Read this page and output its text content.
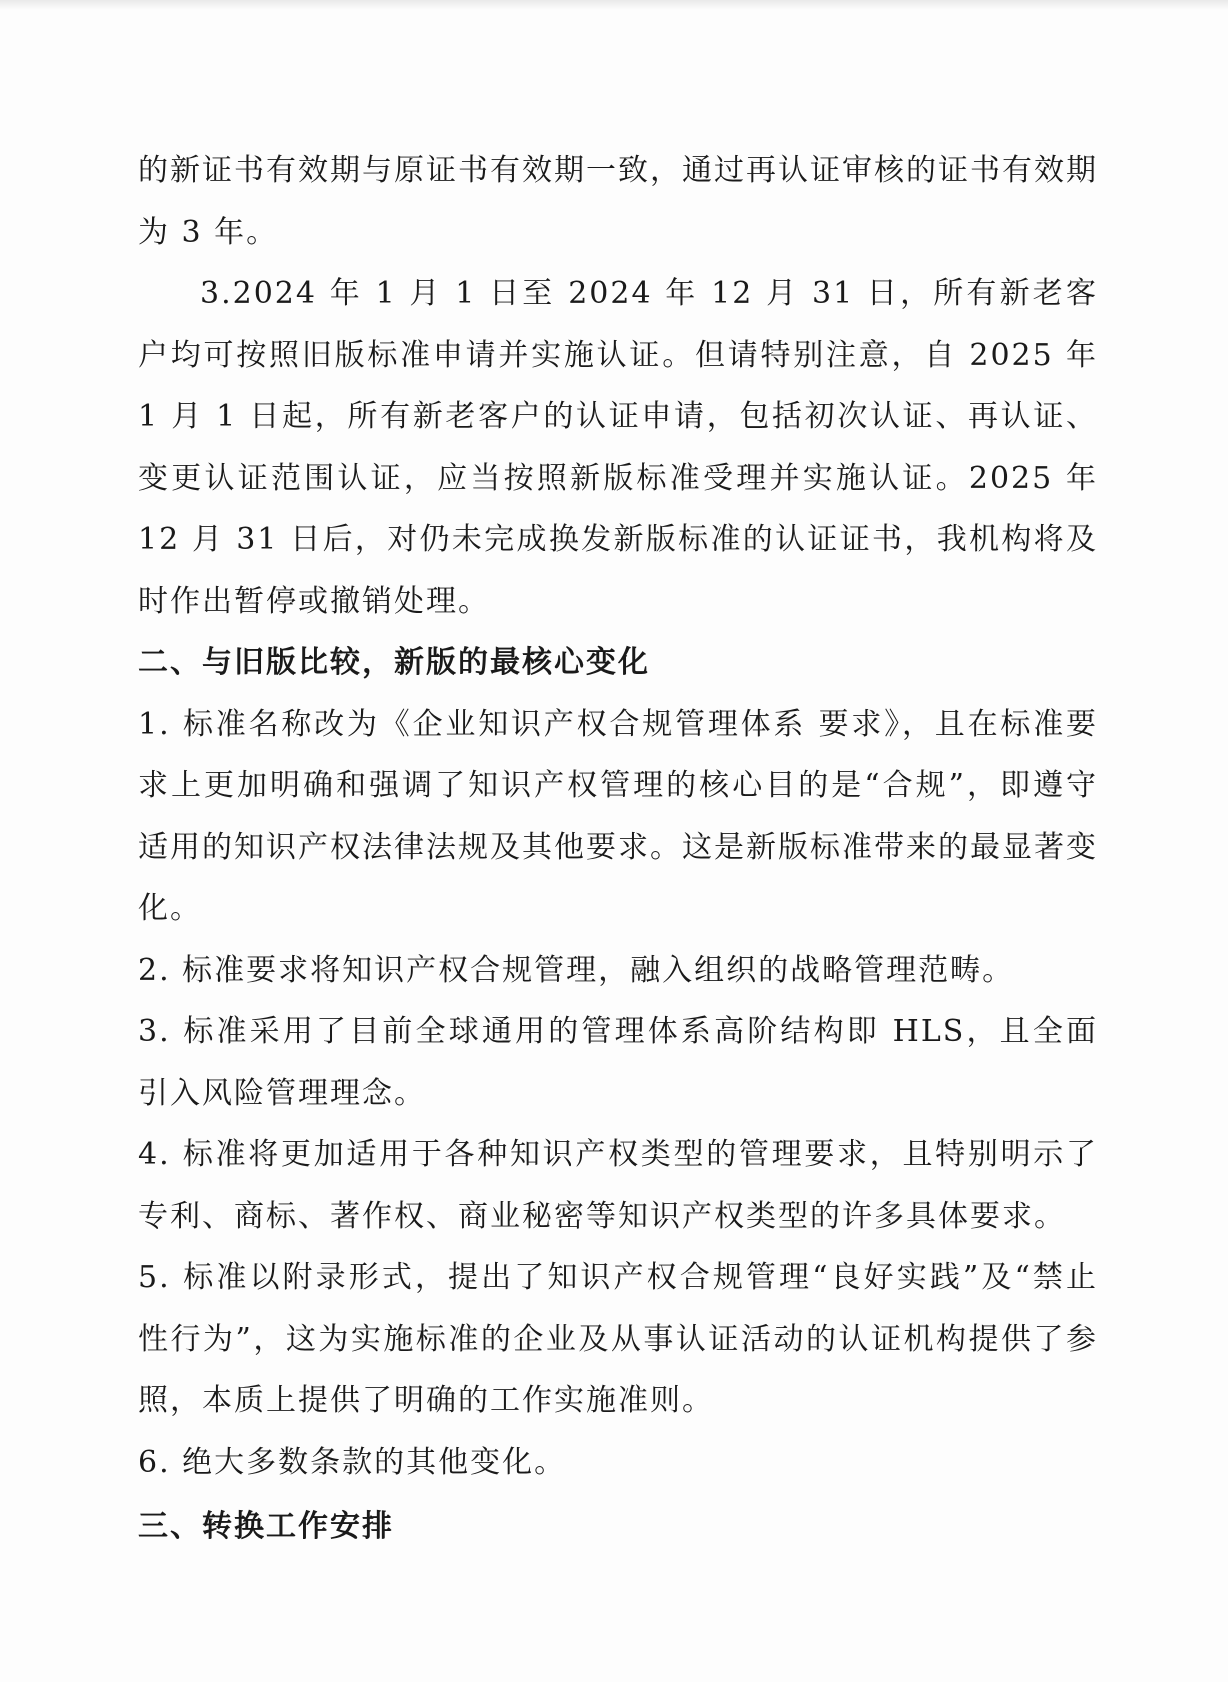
的新证书有效期与原证书有效期一致，通过再认证审核的证书有效期为 3 年。

3.2024 年 1 月 1 日至 2024 年 12 月 31 日，所有新老客户均可按照旧版标准申请并实施认证。但请特别注意，自 2025 年 1 月 1 日起，所有新老客户的认证申请，包括初次认证、再认证、变更认证范围认证，应当按照新版标准受理并实施认证。2025 年 12 月 31 日后，对仍未完成换发新版标准的认证证书，我机构将及时作出暂停或撤销处理。

二、与旧版比较，新版的最核心变化

1. 标准名称改为《企业知识产权合规管理体系 要求》，且在标准要求上更加明确和强调了知识产权管理的核心目的是“合规”，即遵守适用的知识产权法律法规及其他要求。这是新版标准带来的最显著变化。

2. 标准要求将知识产权合规管理，融入组织的战略管理范畴。

3. 标准采用了目前全球通用的管理体系高阶结构即 HLS，且全面引入风险管理理念。

4. 标准将更加适用于各种知识产权类型的管理要求，且特别明示了专利、商标、著作权、商业秘密等知识产权类型的许多具体要求。

5. 标准以附录形式，提出了知识产权合规管理“良好实践”及“禁止性行为”，这为实施标准的企业及从事认证活动的认证机构提供了参照，本质上提供了明确的工作实施准则。

6. 绝大多数条款的其他变化。

三、转换工作安排
